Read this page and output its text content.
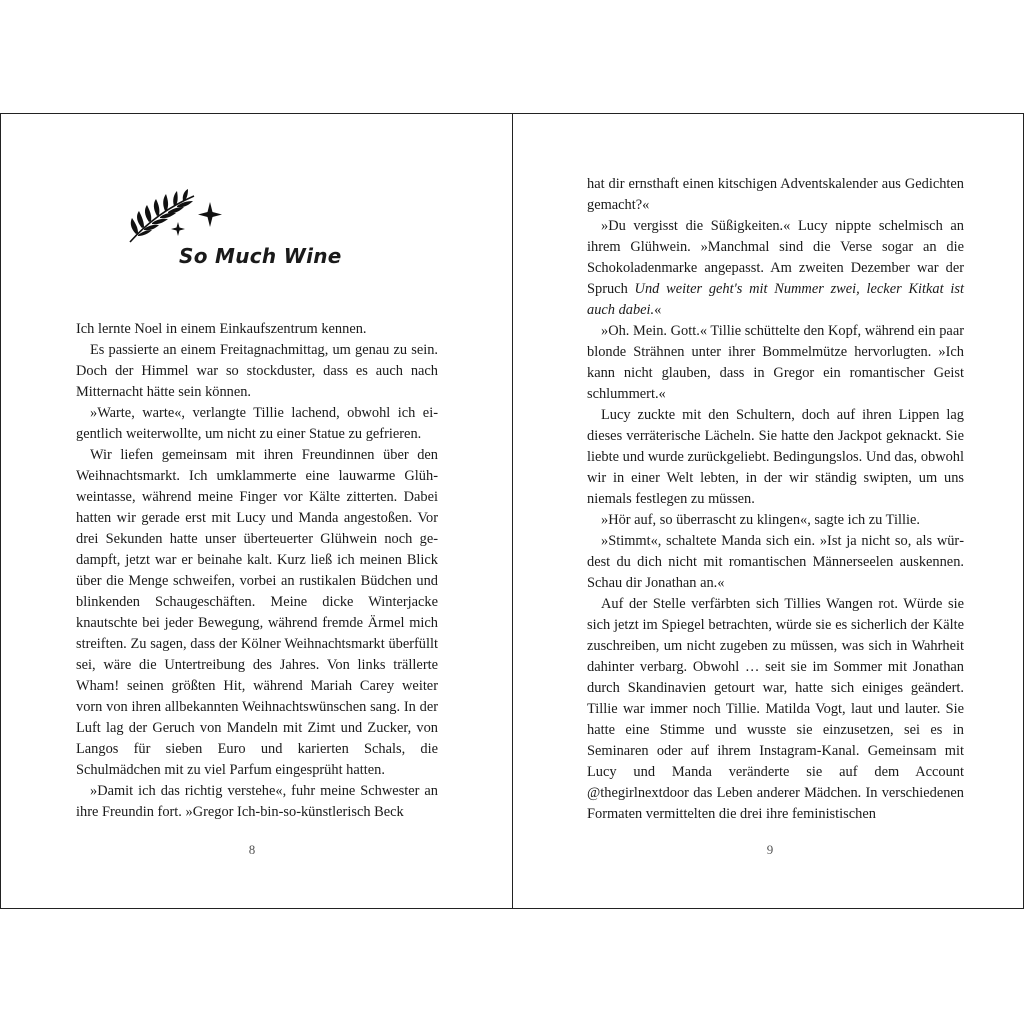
So Much Wine

Ich lernte Noel in einem Einkaufszentrum kennen.

Es passierte an einem Freitagnachmittag, um genau zu sein. Doch der Himmel war so stockduster, dass es auch nach Mitternacht hätte sein können.

»Warte, warte«, verlangte Tillie lachend, obwohl ich eigentlich weiterwollte, um nicht zu einer Statue zu gefrieren.

Wir liefen gemeinsam mit ihren Freundinnen über den Weihnachtsmarkt. Ich umklammerte eine lauwarme Glühweintasse, während meine Finger vor Kälte zitterten. Dabei hatten wir gerade erst mit Lucy und Manda angestoßen. Vor drei Sekunden hatte unser überteuerter Glühwein noch gedampft, jetzt war er beinahe kalt. Kurz ließ ich meinen Blick über die Menge schweifen, vorbei an rustikalen Büdchen und blinkenden Schaugeschäften. Meine dicke Winterjacke knautschte bei jeder Bewegung, während fremde Ärmel mich streiften. Zu sagen, dass der Kölner Weihnachtsmarkt überfüllt sei, wäre die Untertreibung des Jahres. Von links trällerte Wham! seinen größten Hit, während Mariah Carey weiter vorn von ihren allbekannten Weihnachtswünschen sang. In der Luft lag der Geruch von Mandeln mit Zimt und Zucker, von Langos für sieben Euro und karierten Schals, die Schulmädchen mit zu viel Parfum eingesprüht hatten.

»Damit ich das richtig verstehe«, fuhr meine Schwester an ihre Freundin fort. »Gregor Ich-bin-so-künstlerisch Beck

8

hat dir ernsthaft einen kitschigen Adventskalender aus Gedichten gemacht?«

»Du vergisst die Süßigkeiten.« Lucy nippte schelmisch an ihrem Glühwein. »Manchmal sind die Verse sogar an die Schokoladenmarke angepasst. Am zweiten Dezember war der Spruch Und weiter geht's mit Nummer zwei, lecker Kitkat ist auch dabei.«

»Oh. Mein. Gott.« Tillie schüttelte den Kopf, während ein paar blonde Strähnen unter ihrer Bommelmütze hervorlugten. »Ich kann nicht glauben, dass in Gregor ein romantischer Geist schlummert.«

Lucy zuckte mit den Schultern, doch auf ihren Lippen lag dieses verräterische Lächeln. Sie hatte den Jackpot geknackt. Sie liebte und wurde zurückgeliebt. Bedingungslos. Und das, obwohl wir in einer Welt lebten, in der wir ständig swipten, um uns niemals festlegen zu müssen.

»Hör auf, so überrascht zu klingen«, sagte ich zu Tillie.

»Stimmt«, schaltete Manda sich ein. »Ist ja nicht so, als würdest du dich nicht mit romantischen Männerseelen auskennen. Schau dir Jonathan an.«

Auf der Stelle verfärbten sich Tillies Wangen rot. Würde sie sich jetzt im Spiegel betrachten, würde sie es sicherlich der Kälte zuschreiben, um nicht zugeben zu müssen, was sich in Wahrheit dahinter verbarg. Obwohl … seit sie im Sommer mit Jonathan durch Skandinavien getourt war, hatte sich einiges geändert. Tillie war immer noch Tillie. Matilda Vogt, laut und lauter. Sie hatte eine Stimme und wusste sie einzusetzen, sei es in Seminaren oder auf ihrem Instagram-Kanal. Gemeinsam mit Lucy und Manda veränderte sie auf dem Account @thegirlnextdoor das Leben anderer Mädchen. In verschiedenen Formaten vermittelten die drei ihre feministischen

9
